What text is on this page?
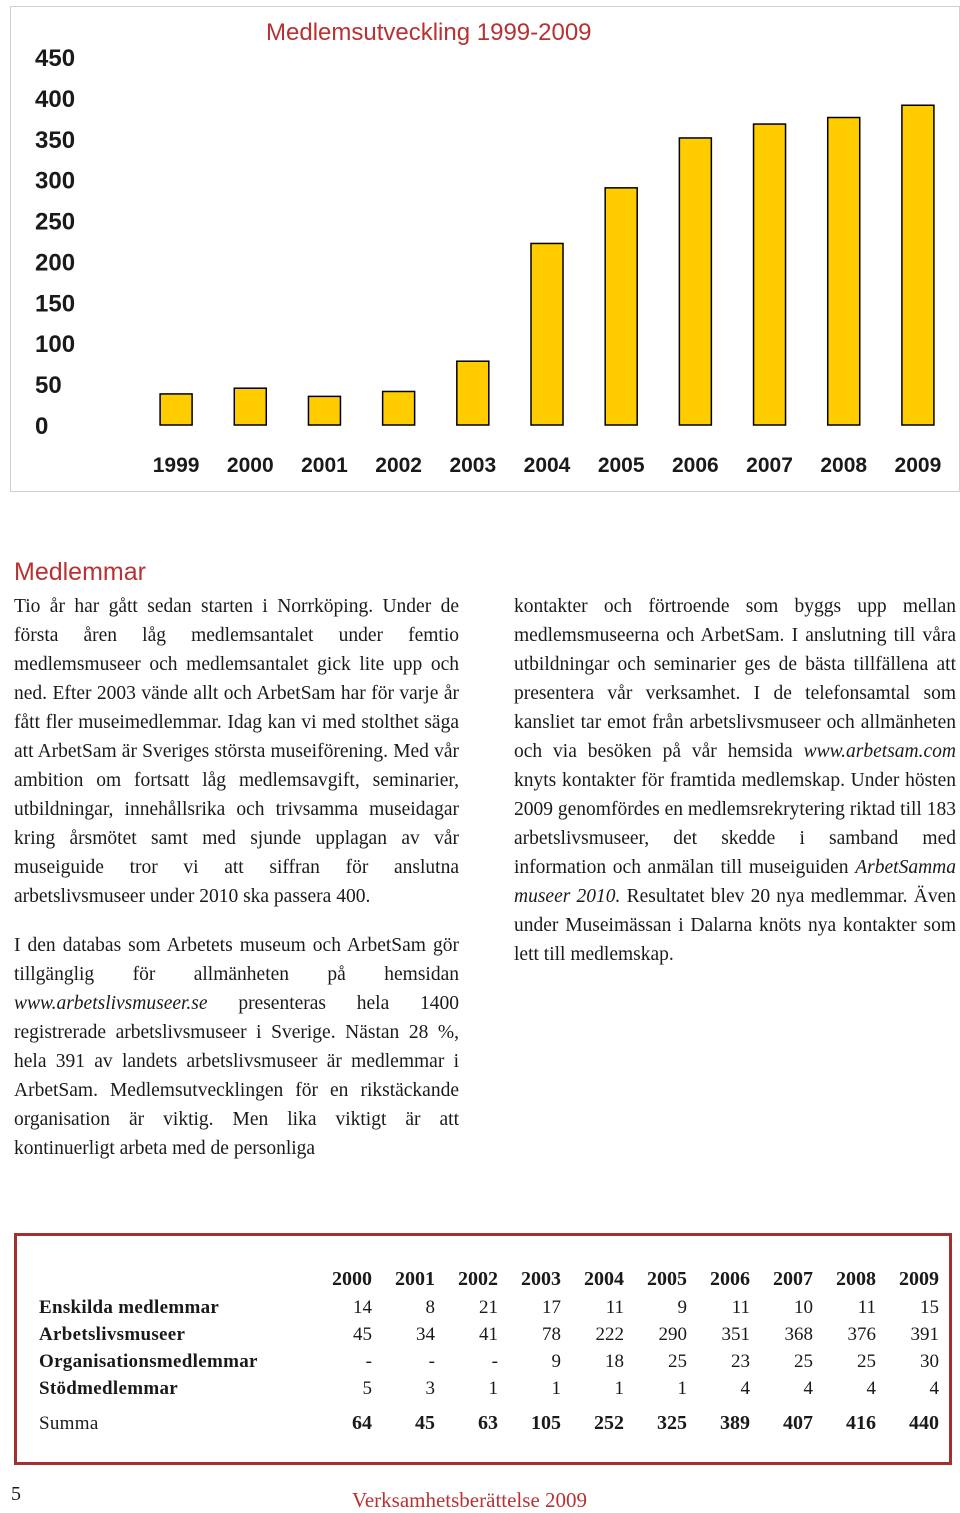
Medlemsutveckling 1999-2009
0
50
100
150
200
250
300
350
400
450
1999 2000 2001 2002 2003 2004 2005 2006 2007 2008 2009
Medlemmar

Tio år har gått sedan starten i Norrköping. Under de första åren låg medlemsantalet under femtio medlemsmuseer och medlemsantalet gick lite upp och ned. Efter 2003 vände allt och ArbetSam har för varje år fått fler museimedlemmar. Idag kan vi med stolthet säga att ArbetSam är Sveriges största museiförening. Med vår ambition om fortsatt låg medlemsavgift, seminarier, utbildningar, innehållsrika och trivsamma museidagar kring årsmötet samt med sjunde upplagan av vår museiguide tror vi att siffran för anslutna arbetslivsmuseer under 2010 ska passera 400.

I den databas som Arbetets museum och ArbetSam gör tillgänglig för allmänheten på hemsidan www.arbetslivsmuseer.se presenteras hela 1400 registrerade arbetslivsmuseer i Sverige. Nästan 28 %, hela 391 av landets arbetslivsmuseer är medlemmar i ArbetSam. Medlemsutvecklingen för en rikstäckande organisation är viktig. Men lika viktigt är att kontinuerligt arbeta med de personliga

kontakter och förtroende som byggs upp mellan medlemsmuseerna och ArbetSam. I anslutning till våra utbildningar och seminarier ges de bästa tillfällena att presentera vår verksamhet. I de telefonsamtal som kansliet tar emot från arbetslivsmuseer och allmänheten och via besöken på vår hemsida www.arbetsam.com knyts kontakter för framtida medlemskap. Under hösten 2009 genomfördes en medlemsrekrytering riktad till 183 arbetslivsmuseer, det skedde i samband med information och anmälan till museiguiden ArbetSamma museer 2010. Resultatet blev 20 nya medlemmar. Även under Museimässan i Dalarna knöts nya kontakter som lett till medlemskap.

	2000	2001	2002	2003	2004	2005	2006	2007	2008	2009
Enskilda medlemmar	14	8	21	17	11	9	11	10	11	15
Arbetslivsmuseer	45	34	41	78	222	290	351	368	376	391
Organisationsmedlemmar	-	-	-	9	18	25	23	25	25	30
Stödmedlemmar	5	3	1	1	1	1	4	4	4	4

Summa	64	45	63	105	252	325	389	407	416	440
5	Verksamhetsberättelse 2009
